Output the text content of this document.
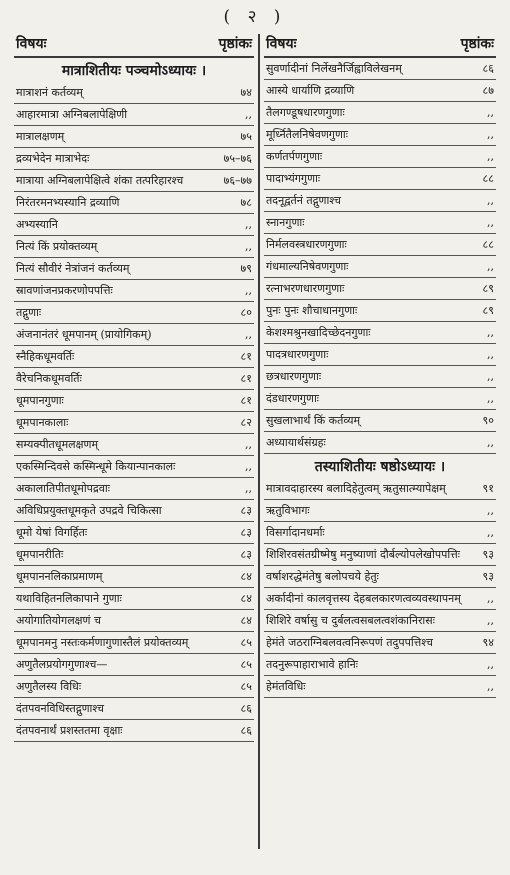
( २ )
विषयः	पृष्ठांकः
मात्राशितीयः पञ्चमोऽध्यायः ।
मात्राशनं कर्तव्यम्	७४
आहारमात्रा अग्निबलापेक्षिणी	,,
मात्रालक्षणम्	७५
द्रव्यभेदेन मात्राभेदः	७५–७६
मात्राया अग्निबलापेक्षित्वे शंका तत्परिहारश्च	७६–७७
निरंतरमनभ्यस्यानि द्रव्याणि	७८
अभ्यस्यानि	,,
नित्यं किं प्रयोक्तव्यम्	,,
नित्यं सौवीरं नेत्रांजनं कर्तव्यम्	७९
स्रावणांजनप्रकरणोपपत्तिः	,,
तद्गुणाः	८०
अंजनानंतरं धूमपानम् (प्रायोगिकम्)	,,
स्नैहिकधूमवर्तिः	८१
वैरेचनिकधूमवर्तिः	८१
धूमपानगुणाः	८१
धूमपानकालाः	८२
सम्यक्पीतधूमलक्षणम्	,,
एकस्मिन्दिवसे कस्मिन्धूमे कियान्पानकालः	,,
अकालातिपीतधूमोपद्रवाः	,,
अविधिप्रयुक्तधूमकृते उपद्रवे चिकित्सा	८३
धूमो येषां विगर्हितः	८३
धूमपानरीतिः	८३
धूमपाननलिकाप्रमाणम्	८४
यथाविहितनलिकापाने गुणाः	८४
अयोगातियोगलक्षणं च	८४
धूमपानमनु नस्तःकर्मणागुणास्तैलं प्रयोक्तव्यम्	८५
अणुतैलप्रयोगगुणाश्च—	८५
अणुतैलस्य विधिः	८५
दंतपवनविधिस्तद्गुणाश्च	८६
दंतपवनार्थं प्रशस्ततमा वृक्षाः	८६
विषयः	पृष्ठांकः
सुवर्णादीनां निर्लेखनैर्जिह्वाविलेखनम्	८६
आस्ये धार्याणि द्रव्याणि	८७
तैलगण्डूषधारणगुणाः	,,
मूर्ध्नितैलनिषेवणगुणाः	,,
कर्णतर्पणगुणाः	,,
पादाभ्यंगगुणाः	८८
तदनूद्वर्तनं तद्गुणाश्च	,,
स्नानगुणाः	,,
निर्मलवस्त्रधारणगुणाः	८८
गंधमाल्यनिषेवणगुणाः	,,
रत्नाभरणधारणगुणाः	८९
पुनः पुनः शौचाधानगुणाः	८९
केशश्मश्रुनखादिच्छेदनगुणाः	,,
पादत्रधारणगुणाः	,,
छत्रधारणगुणाः	,,
दंडधारणगुणाः	,,
सुखलाभार्थं किं कर्तव्यम्	९०
अध्यायार्थसंग्रहः	,,
तस्याशितीयः षष्ठोऽध्यायः ।
मात्रावदाहारस्य बलादिहेतुत्वम् ऋतुसात्म्यापेक्षम्	९१
ऋतुविभागः	,,
विसर्गादानधर्माः	,,
शिशिरवसंतग्रीष्मेषु मनुष्याणां दौर्बल्योपलेखोपपत्तिः	९३
वर्षाशरद्धेमंतेषु बलोपचये हेतुः	९३
अर्कादीनां कालवृत्तस्य देहबलकारणत्वव्यवस्थापनम्	,,
शिशिरे वर्षासु च दुर्बलत्वसबलत्वशंकानिरासः	,,
हेमंते जठराग्निबलवत्वनिरूपणं तदुपपत्तिश्च	९४
तदनुरूपाहाराभावे हानिः	,,
हेमंतविधिः	,,
